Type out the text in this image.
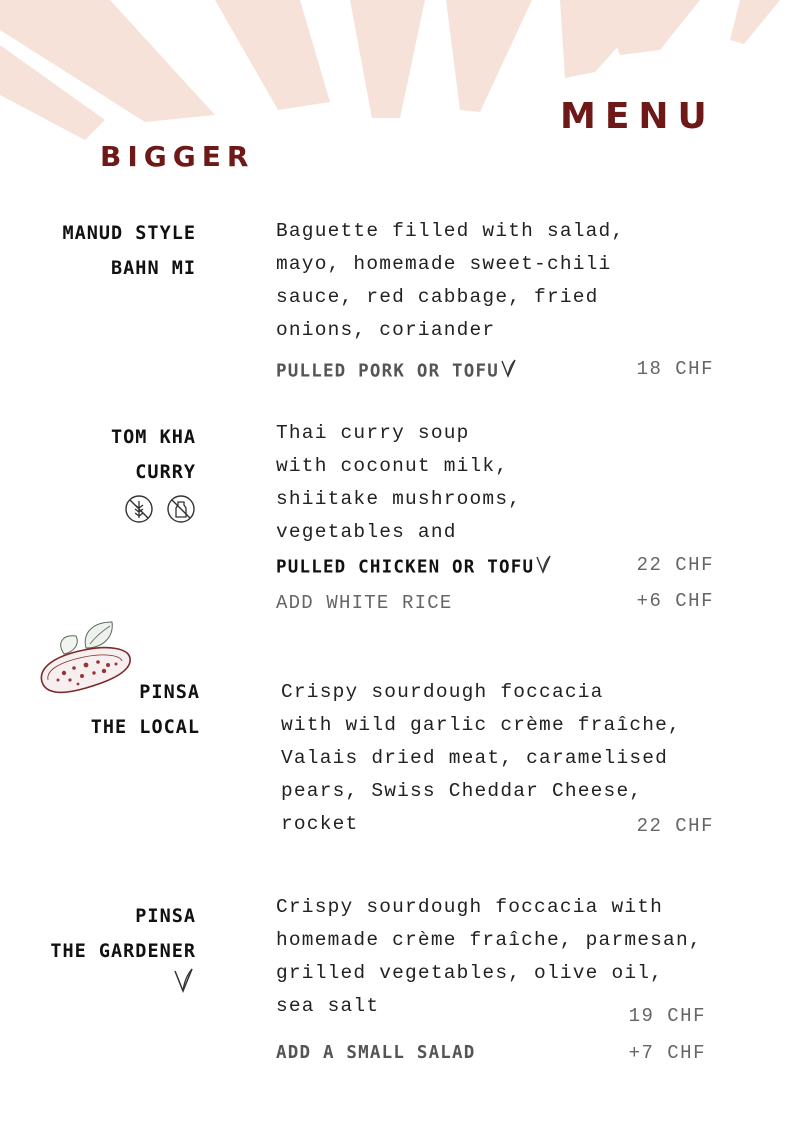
MENU
BIGGER
MANUD STYLE
BAHN MI
Baguette filled with salad,
mayo, homemade sweet-chili
sauce, red cabbage, fried
onions, coriander
PULLED PORK OR TOFU	18 CHF
TOM KHA
CURRY
Thai curry soup
with coconut milk,
shiitake mushrooms,
vegetables and
PULLED CHICKEN OR TOFU	22 CHF
ADD WHITE RICE	+6 CHF
PINSA
THE LOCAL
Crispy sourdough foccacia
with wild garlic crème fraîche,
Valais dried meat, caramelised
pears, Swiss Cheddar Cheese,
rocket	22 CHF
PINSA
THE GARDENER
Crispy sourdough foccacia with
homemade crème fraîche, parmesan,
grilled vegetables, olive oil,
sea salt	19 CHF
ADD A SMALL SALAD	+7 CHF
